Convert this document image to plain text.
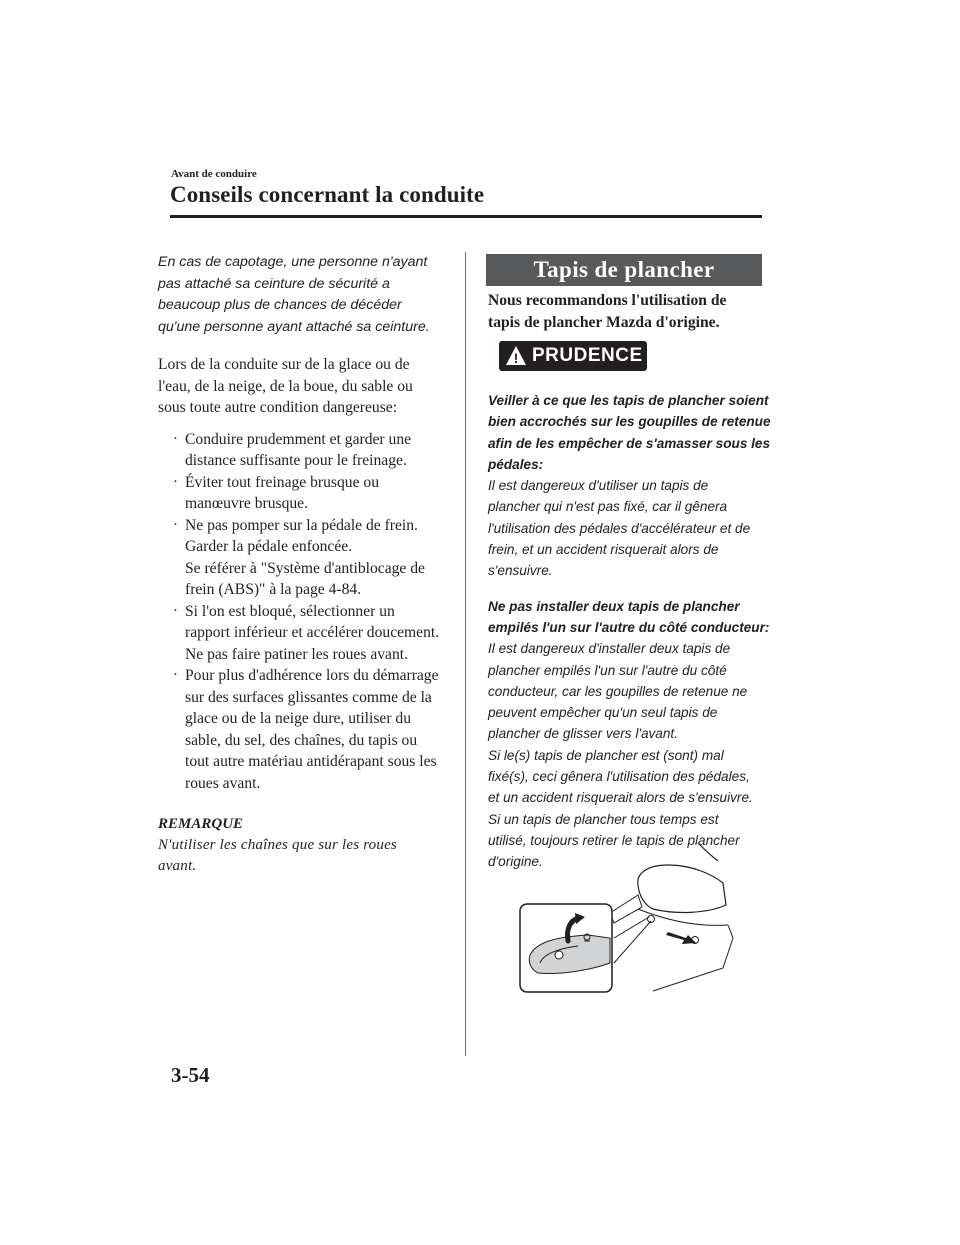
Avant de conduire
Conseils concernant la conduite

En cas de capotage, une personne n'ayant
pas attaché sa ceinture de sécurité a
beaucoup plus de chances de décéder
qu'une personne ayant attaché sa ceinture.

Lors de la conduite sur de la glace ou de
l'eau, de la neige, de la boue, du sable ou
sous toute autre condition dangereuse:

· Conduire prudemment et garder une
distance suffisante pour le freinage.
· Éviter tout freinage brusque ou
manœuvre brusque.
· Ne pas pomper sur la pédale de frein.
Garder la pédale enfoncée.
Se référer à "Système d'antiblocage de
frein (ABS)" à la page 4-84.
· Si l'on est bloqué, sélectionner un
rapport inférieur et accélérer doucement.
Ne pas faire patiner les roues avant.
· Pour plus d'adhérence lors du démarrage
sur des surfaces glissantes comme de la
glace ou de la neige dure, utiliser du
sable, du sel, des chaînes, du tapis ou
tout autre matériau antidérapant sous les
roues avant.
REMARQUE
N'utiliser les chaînes que sur les roues
avant.
Tapis de plancher
Nous recommandons l'utilisation de
tapis de plancher Mazda d'origine.
! PRUDENCE
Veiller à ce que les tapis de plancher soient
bien accrochés sur les goupilles de retenue
afin de les empêcher de s'amasser sous les
pédales:
Il est dangereux d'utiliser un tapis de
plancher qui n'est pas fixé, car il gênera
l'utilisation des pédales d'accélérateur et de
frein, et un accident risquerait alors de
s'ensuivre.
Ne pas installer deux tapis de plancher
empilés l'un sur l'autre du côté conducteur:
Il est dangereux d'installer deux tapis de
plancher empilés l'un sur l'autre du côté
conducteur, car les goupilles de retenue ne
peuvent empêcher qu'un seul tapis de
plancher de glisser vers l'avant.
Si le(s) tapis de plancher est (sont) mal
fixé(s), ceci gênera l'utilisation des pédales,
et un accident risquerait alors de s'ensuivre.
Si un tapis de plancher tous temps est
utilisé, toujours retirer le tapis de plancher
d'origine.
3-54
